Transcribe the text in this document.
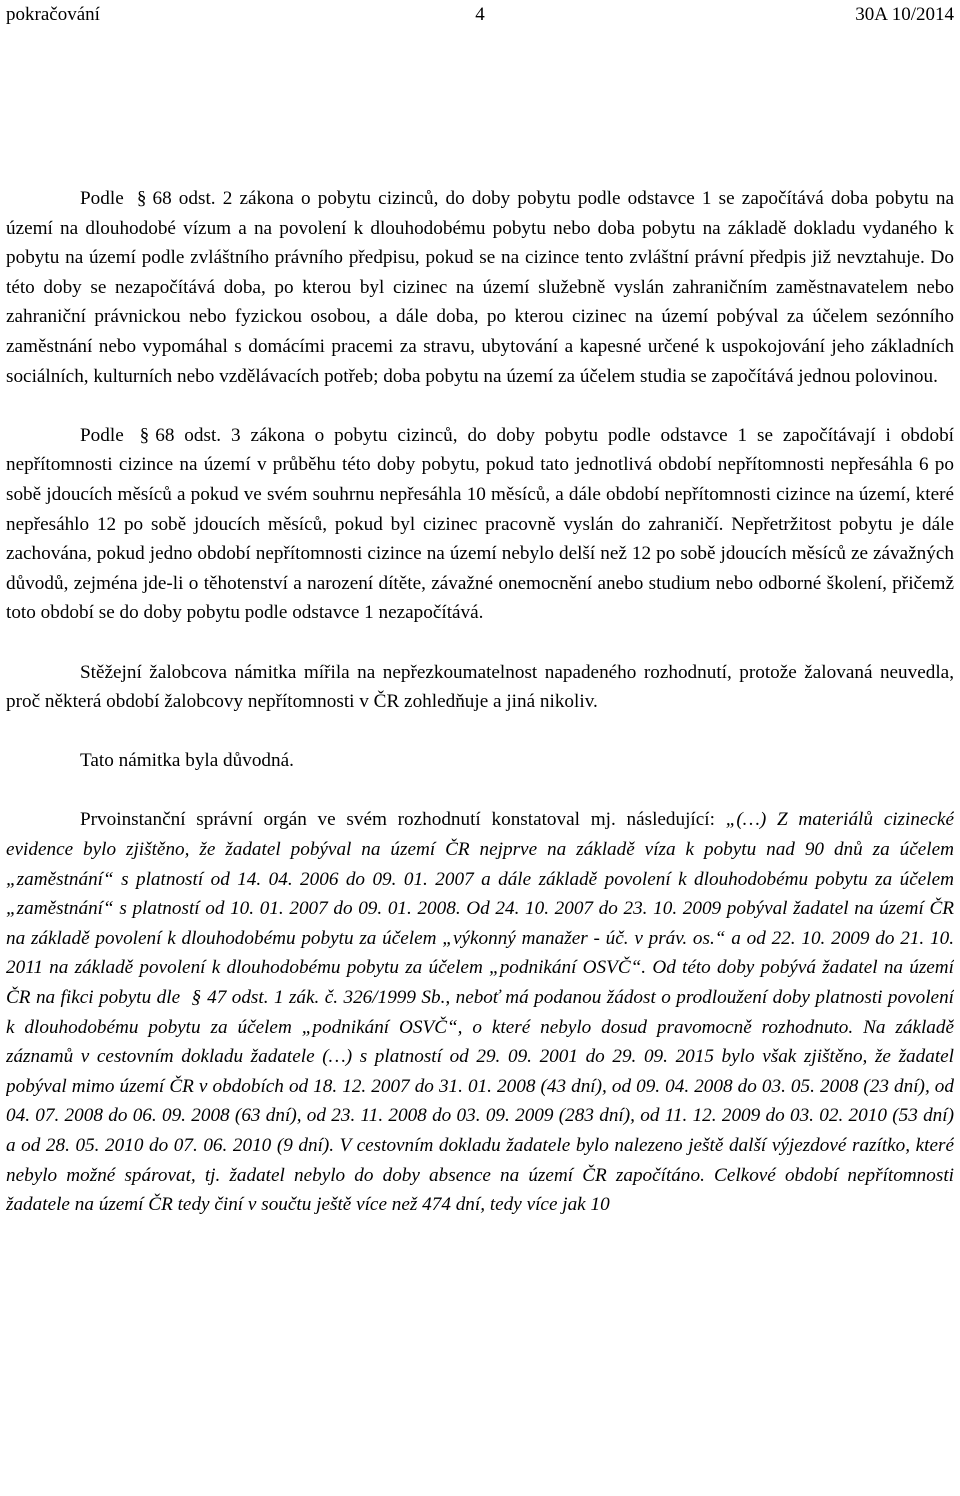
pokračování	4	30A 10/2014

Podle § 68 odst. 2 zákona o pobytu cizinců, do doby pobytu podle odstavce 1 se započítává doba pobytu na území na dlouhodobé vízum a na povolení k dlouhodobému pobytu nebo doba pobytu na základě dokladu vydaného k pobytu na území podle zvláštního právního předpisu, pokud se na cizince tento zvláštní právní předpis již nevztahuje. Do této doby se nezapočítává doba, po kterou byl cizinec na území služebně vyslán zahraničním zaměstnavatelem nebo zahraniční právnickou nebo fyzickou osobou, a dále doba, po kterou cizinec na území pobýval za účelem sezónního zaměstnání nebo vypomáhal s domácími pracemi za stravu, ubytování a kapesné určené k uspokojování jeho základních sociálních, kulturních nebo vzdělávacích potřeb; doba pobytu na území za účelem studia se započítává jednou polovinou.

Podle § 68 odst. 3 zákona o pobytu cizinců, do doby pobytu podle odstavce 1 se započítávají i období nepřítomnosti cizince na území v průběhu této doby pobytu, pokud tato jednotlivá období nepřítomnosti nepřesáhla 6 po sobě jdoucích měsíců a pokud ve svém souhrnu nepřesáhla 10 měsíců, a dále období nepřítomnosti cizince na území, které nepřesáhlo 12 po sobě jdoucích měsíců, pokud byl cizinec pracovně vyslán do zahraničí. Nepřetržitost pobytu je dále zachována, pokud jedno období nepřítomnosti cizince na území nebylo delší než 12 po sobě jdoucích měsíců ze závažných důvodů, zejména jde-li o těhotenství a narození dítěte, závažné onemocnění anebo studium nebo odborné školení, přičemž toto období se do doby pobytu podle odstavce 1 nezapočítává.

Stěžejní žalobcova námitka mířila na nepřezkoumatelnost napadeného rozhodnutí, protože žalovaná neuvedla, proč některá období žalobcovy nepřítomnosti v ČR zohledňuje a jiná nikoliv.

Tato námitka byla důvodná.

Prvoinstanční správní orgán ve svém rozhodnutí konstatoval mj. následující: „(…) Z materiálů cizinecké evidence bylo zjištěno, že žadatel pobýval na území ČR nejprve na základě víza k pobytu nad 90 dnů za účelem „zaměstnání“ s platností od 14. 04. 2006 do 09. 01. 2007 a dále základě povolení k dlouhodobému pobytu za účelem „zaměstnání“ s platností od 10. 01. 2007 do 09. 01. 2008. Od 24. 10. 2007 do 23. 10. 2009 pobýval žadatel na území ČR na základě povolení k dlouhodobému pobytu za účelem „výkonný manažer - úč. v práv. os.“ a od 22. 10. 2009 do 21. 10. 2011 na základě povolení k dlouhodobému pobytu za účelem „podnikání OSVČ“. Od této doby pobývá žadatel na území ČR na fikci pobytu dle § 47 odst. 1 zák. č. 326/1999 Sb., neboť má podanou žádost o prodloužení doby platnosti povolení k dlouhodobému pobytu za účelem „podnikání OSVČ“, o které nebylo dosud pravomocně rozhodnuto. Na základě záznamů v cestovním dokladu žadatele (…) s platností od 29. 09. 2001 do 29. 09. 2015 bylo však zjištěno, že žadatel pobýval mimo území ČR v obdobích od 18. 12. 2007 do 31. 01. 2008 (43 dní), od 09. 04. 2008 do 03. 05. 2008 (23 dní), od 04. 07. 2008 do 06. 09. 2008 (63 dní), od 23. 11. 2008 do 03. 09. 2009 (283 dní), od 11. 12. 2009 do 03. 02. 2010 (53 dní) a od 28. 05. 2010 do 07. 06. 2010 (9 dní). V cestovním dokladu žadatele bylo nalezeno ještě další výjezdové razítko, které nebylo možné spárovat, tj. žadatel nebylo do doby absence na území ČR započítáno. Celkové období nepřítomnosti žadatele na území ČR tedy činí v součtu ještě více než 474 dní, tedy více jak 10
